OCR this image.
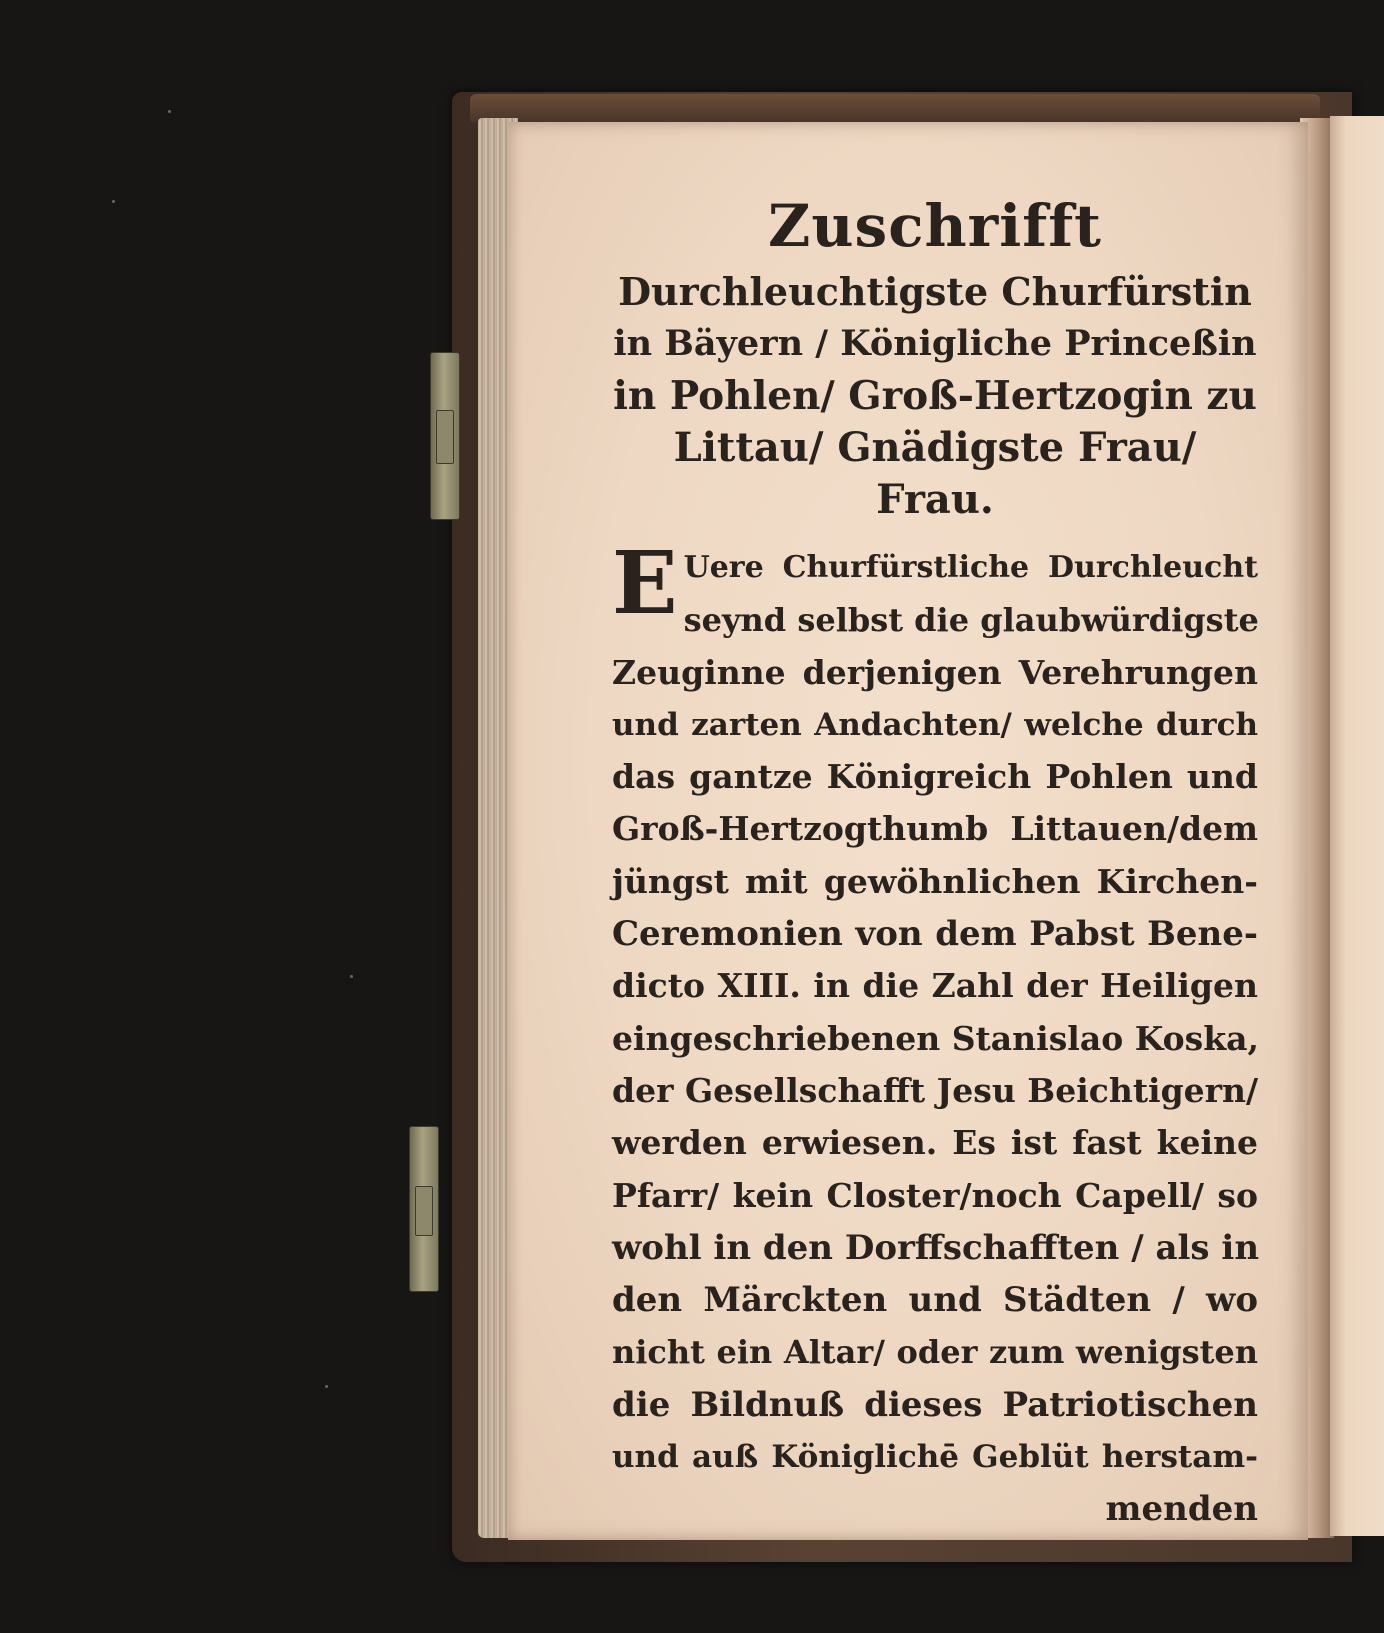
Zuschrifft
Durchleuchtigste Churfürstin
in Bäyern / Königliche Princeßin
in Pohlen/ Groß-Hertzogin zu
Littau/ Gnädigste Frau/
Frau.
E Uere Churfürstliche Durchleucht
seynd selbst die glaubwürdigste
Zeuginne derjenigen Verehrungen
und zarten Andachten/ welche durch
das gantze Königreich Pohlen und
Groß-Hertzogthumb Littauen/dem
jüngst mit gewöhnlichen Kirchen-
Ceremonien von dem Pabst Bene-
dicto XIII. in die Zahl der Heiligen
eingeschriebenen Stanislao Koska,
der Gesellschafft Jesu Beichtigern/
werden erwiesen. Es ist fast keine
Pfarr/ kein Closter/noch Capell/ so
wohl in den Dorffschafften / als in
den Märckten und Städten / wo
nicht ein Altar/ oder zum wenigsten
die Bildnuß dieses Patriotischen
und auß Königlichē Geblüt herstam-
menden
